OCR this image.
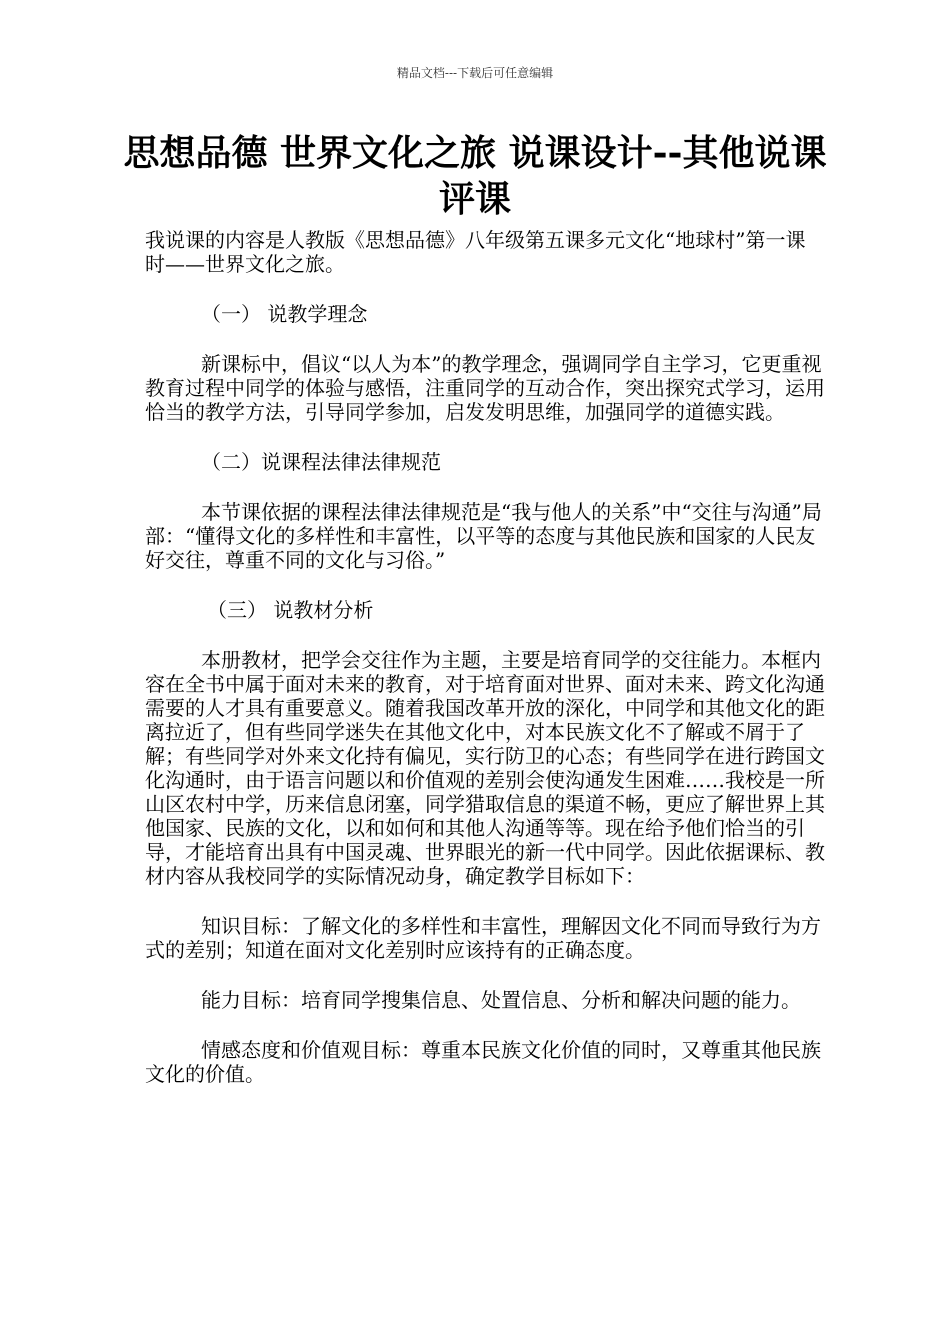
精品文档---下载后可任意编辑
思想品德 世界文化之旅 说课设计--其他说课评课

我说课的内容是人教版《思想品德》八年级第五课多元文化“地球村”第一课时——世界文化之旅。

（一） 说教学理念

新课标中，倡议“以人为本”的教学理念，强调同学自主学习，它更重视教育过程中同学的体验与感悟，注重同学的互动合作，突出探究式学习，运用恰当的教学方法，引导同学参加，启发发明思维，加强同学的道德实践。

（二）说课程法律法律规范

本节课依据的课程法律法律规范是“我与他人的关系”中“交往与沟通”局部：“懂得文化的多样性和丰富性，以平等的态度与其他民族和国家的人民友好交往，尊重不同的文化与习俗。”

（三） 说教材分析

本册教材，把学会交往作为主题，主要是培育同学的交往能力。本框内容在全书中属于面对未来的教育，对于培育面对世界、面对未来、跨文化沟通需要的人才具有重要意义。随着我国改革开放的深化，中同学和其他文化的距离拉近了，但有些同学迷失在其他文化中，对本民族文化不了解或不屑于了解；有些同学对外来文化持有偏见，实行防卫的心态；有些同学在进行跨国文化沟通时，由于语言问题以和价值观的差别会使沟通发生困难……我校是一所山区农村中学，历来信息闭塞，同学猎取信息的渠道不畅，更应了解世界上其他国家、民族的文化，以和如何和其他人沟通等等。现在给予他们恰当的引导，才能培育出具有中国灵魂、世界眼光的新一代中同学。因此依据课标、教材内容从我校同学的实际情况动身，确定教学目标如下：

知识目标：了解文化的多样性和丰富性，理解因文化不同而导致行为方式的差别；知道在面对文化差别时应该持有的正确态度。

能力目标：培育同学搜集信息、处置信息、分析和解决问题的能力。

情感态度和价值观目标：尊重本民族文化价值的同时，又尊重其他民族文化的价值。
